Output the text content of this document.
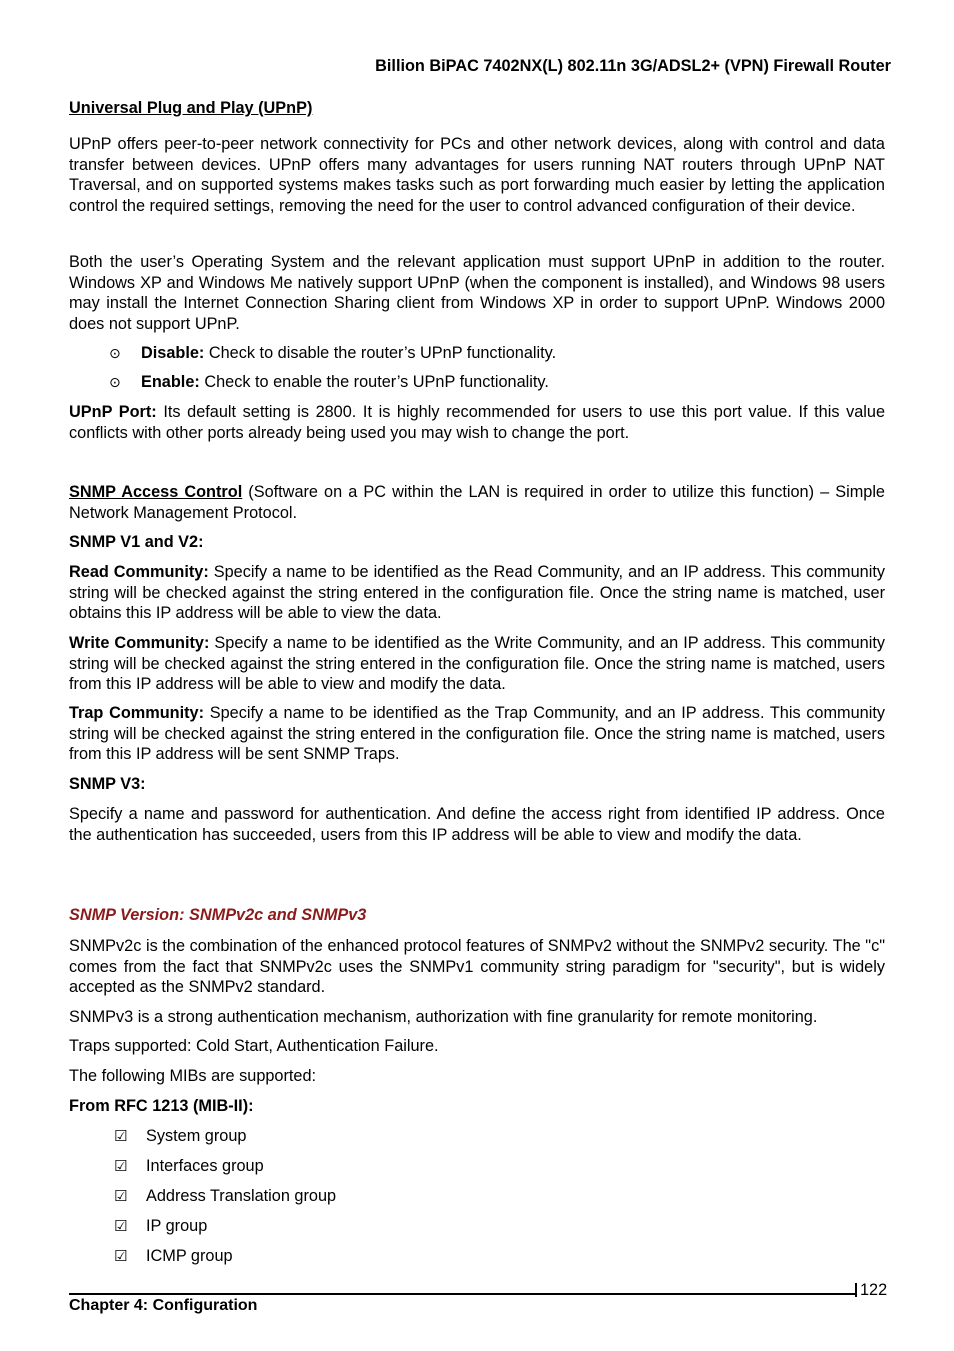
Billion BiPAC 7402NX(L) 802.11n 3G/ADSL2+ (VPN) Firewall Router

Universal Plug and Play (UPnP)

UPnP offers peer-to-peer network connectivity for PCs and other network devices, along with control and data transfer between devices. UPnP offers many advantages for users running NAT routers through UPnP NAT Traversal, and on supported systems makes tasks such as port forwarding much easier by letting the application control the required settings, removing the need for the user to control advanced configuration of their device.

Both the user’s Operating System and the relevant application must support UPnP in addition to the router. Windows XP and Windows Me natively support UPnP (when the component is installed), and Windows 98 users may install the Internet Connection Sharing client from Windows XP in order to support UPnP. Windows 2000 does not support UPnP.

⊙ Disable: Check to disable the router’s UPnP functionality.
⊙ Enable: Check to enable the router’s UPnP functionality.

UPnP Port: Its default setting is 2800. It is highly recommended for users to use this port value. If this value conflicts with other ports already being used you may wish to change the port.

SNMP Access Control (Software on a PC within the LAN is required in order to utilize this function) – Simple Network Management Protocol.

SNMP V1 and V2:

Read Community: Specify a name to be identified as the Read Community, and an IP address. This community string will be checked against the string entered in the configuration file. Once the string name is matched, user obtains this IP address will be able to view the data.

Write Community: Specify a name to be identified as the Write Community, and an IP address. This community string will be checked against the string entered in the configuration file. Once the string name is matched, users from this IP address will be able to view and modify the data.

Trap Community: Specify a name to be identified as the Trap Community, and an IP address. This community string will be checked against the string entered in the configuration file. Once the string name is matched, users from this IP address will be sent SNMP Traps.

SNMP V3:

Specify a name and password for authentication. And define the access right from identified IP address. Once the authentication has succeeded, users from this IP address will be able to view and modify the data.

SNMP Version: SNMPv2c and SNMPv3

SNMPv2c is the combination of the enhanced protocol features of SNMPv2 without the SNMPv2 security. The "c" comes from the fact that SNMPv2c uses the SNMPv1 community string paradigm for "security", but is widely accepted as the SNMPv2 standard.

SNMPv3 is a strong authentication mechanism, authorization with fine granularity for remote monitoring.

Traps supported: Cold Start, Authentication Failure.

The following MIBs are supported:

From RFC 1213 (MIB-II):

☑ System group
☑ Interfaces group
☑ Address Translation group
☑ IP group
☑ ICMP group
Chapter 4: Configuration
122
